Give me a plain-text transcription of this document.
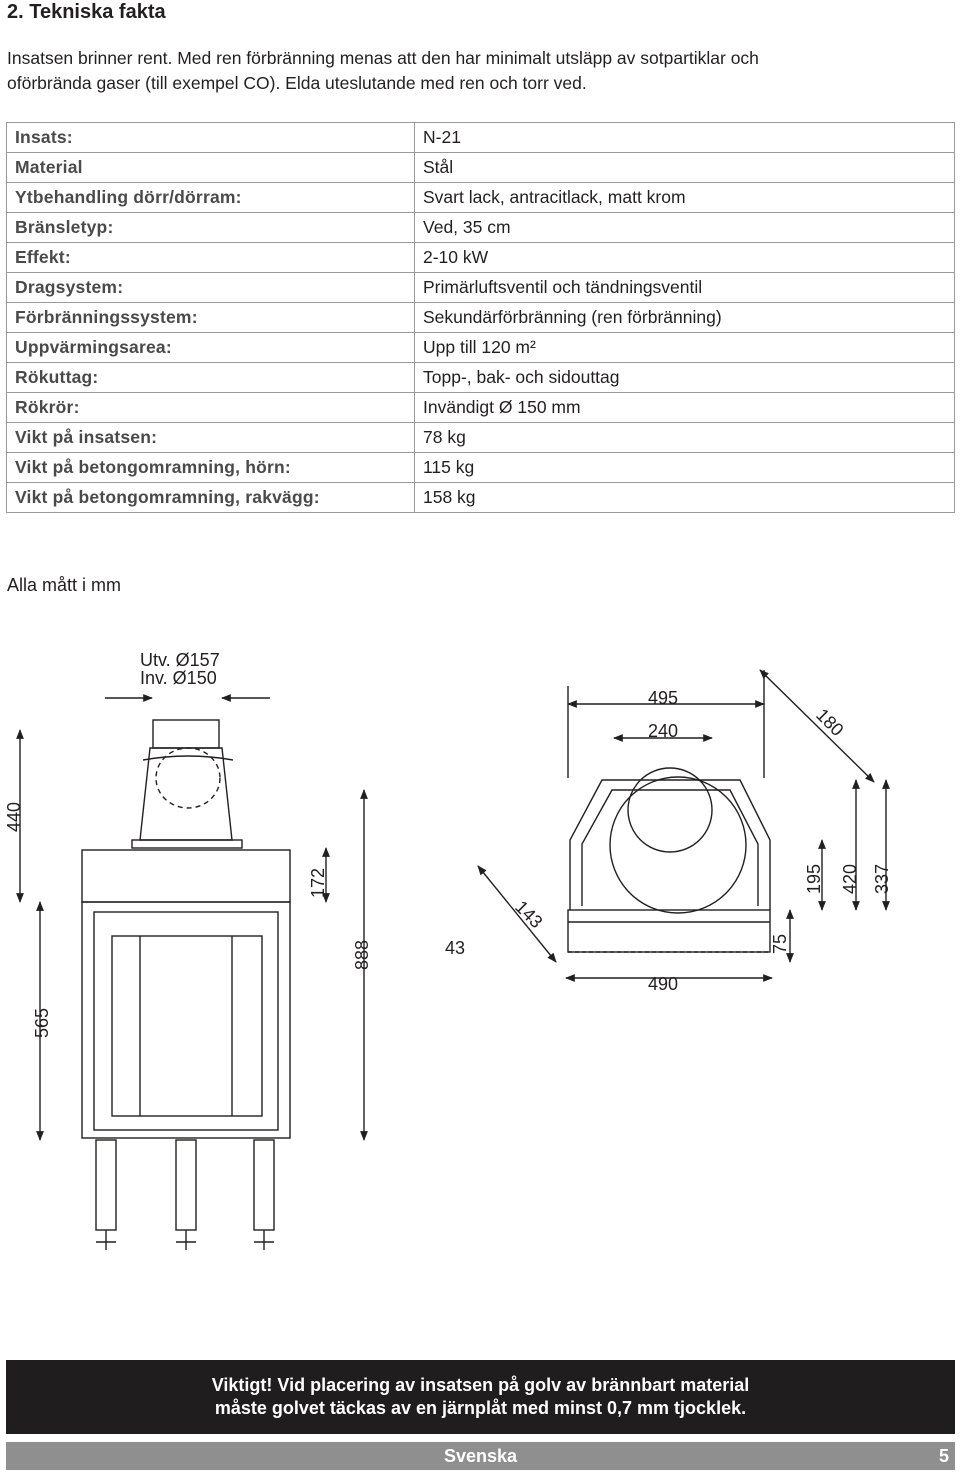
2. Tekniska fakta
Insatsen brinner rent. Med ren förbränning menas att den har minimalt utsläpp av sotpartiklar och
oförbrända gaser (till exempel CO). Elda uteslutande med ren och torr ved.
Insats:	N-21
Material	Stål
Ytbehandling dörr/dörram:	Svart lack, antracitlack, matt krom
Bränsletyp:	Ved, 35 cm
Effekt:	2-10 kW
Dragsystem:	Primärluftsventil och tändningsventil
Förbränningssystem:	Sekundärförbränning (ren förbränning)
Uppvärmingsarea:	Upp till 120 m²
Rökuttag:	Topp-, bak- och sidouttag
Rökrör:	Invändigt Ø 150 mm
Vikt på insatsen:	78 kg
Vikt på betongomramning, hörn:	115 kg
Vikt på betongomramning, rakvägg:	158 kg

Alla mått i mm

Utv. Ø157
Inv. Ø150
440
565
172
888
495
240	180
143
43	75
490
195 420 337
Viktigt! Vid placering av insatsen på golv av brännbart material
måste golvet täckas av en järnplåt med minst 0,7 mm tjocklek.
Svenska	5
